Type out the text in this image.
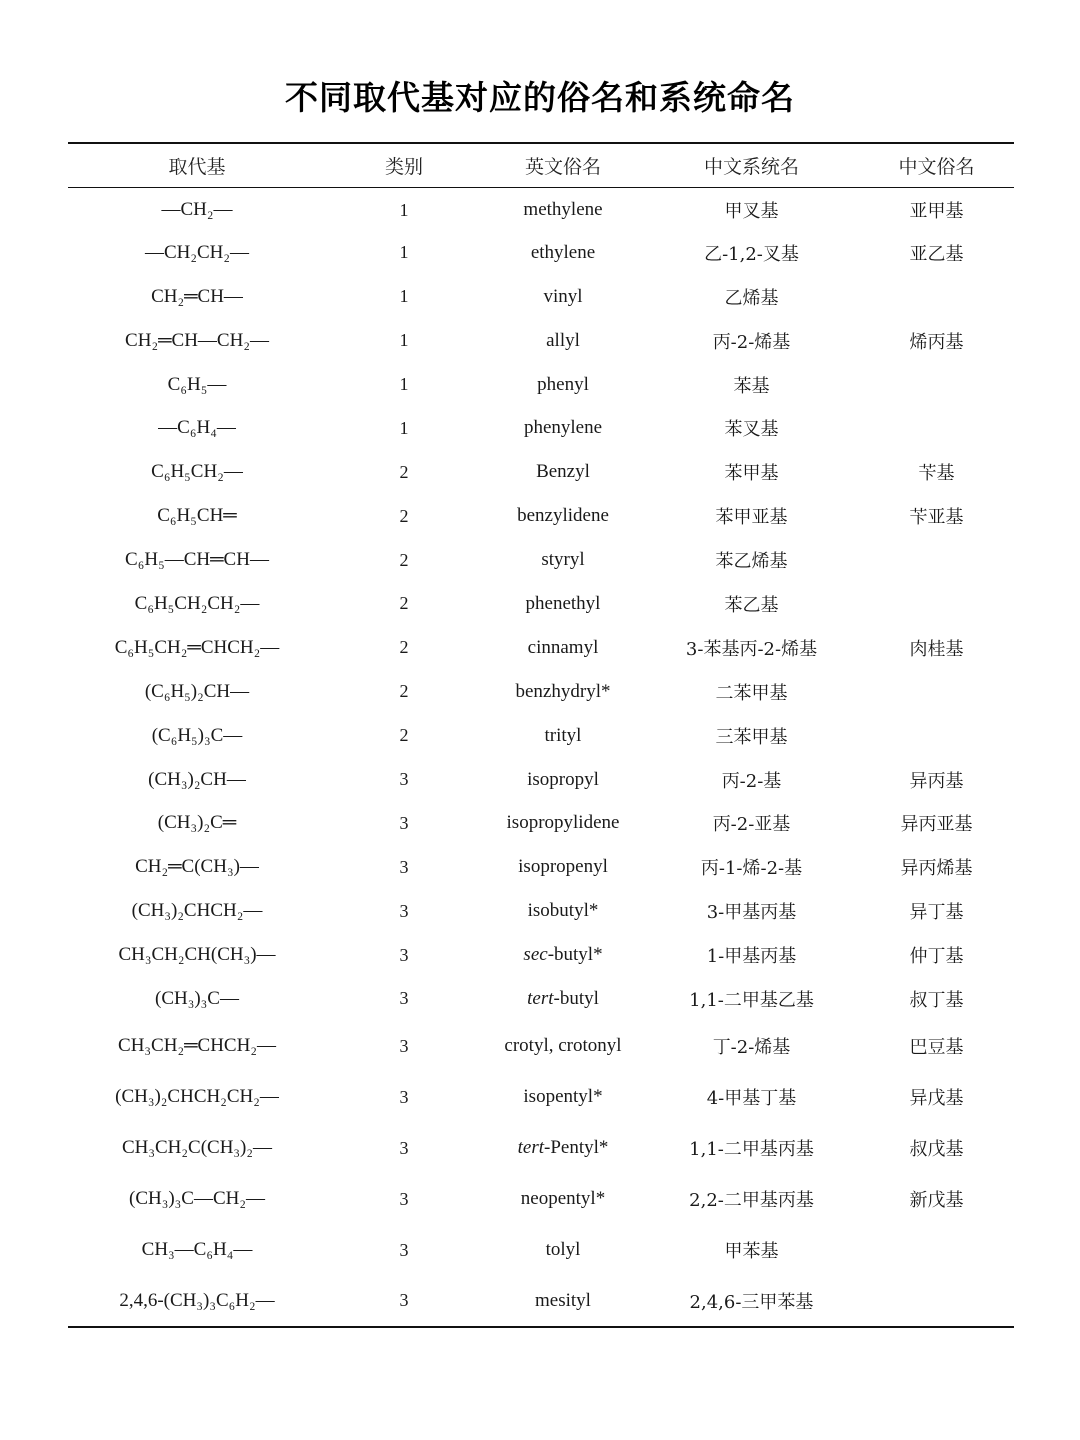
不同取代基对应的俗名和系统命名
取代基	类别	英文俗名	中文系统名	中文俗名
—CH₂—	1	methylene	甲叉基	亚甲基
—CH₂CH₂—	1	ethylene	乙-1,2-叉基	亚乙基
CH₂═CH—	1	vinyl	乙烯基	
CH₂═CH—CH₂—	1	allyl	丙-2-烯基	烯丙基
C₆H₅—	1	phenyl	苯基	
—C₆H₄—	1	phenylene	苯叉基	
C₆H₅CH₂—	2	Benzyl	苯甲基	苄基
C₆H₅CH═	2	benzylidene	苯甲亚基	苄亚基
C₆H₅—CH═CH—	2	styryl	苯乙烯基	
C₆H₅CH₂CH₂—	2	phenethyl	苯乙基	
C₆H₅CH₂═CHCH₂—	2	cinnamyl	3-苯基丙-2-烯基	肉桂基
(C₆H₅)₂CH—	2	benzhydryl*	二苯甲基	
(C₆H₅)₃C—	2	trityl	三苯甲基	
(CH₃)₂CH—	3	isopropyl	丙-2-基	异丙基
(CH₃)₂C═	3	isopropylidene	丙-2-亚基	异丙亚基
CH₂═C(CH₃)—	3	isopropenyl	丙-1-烯-2-基	异丙烯基
(CH₃)₂CHCH₂—	3	isobutyl*	3-甲基丙基	异丁基
CH₃CH₂CH(CH₃)—	3	sec-butyl*	1-甲基丙基	仲丁基
(CH₃)₃C—	3	tert-butyl	1,1-二甲基乙基	叔丁基
CH₃CH₂═CHCH₂—	3	crotyl, crotonyl	丁-2-烯基	巴豆基
(CH₃)₂CHCH₂CH₂—	3	isopentyl*	4-甲基丁基	异戊基
CH₃CH₂C(CH₃)₂—	3	tert-Pentyl*	1,1-二甲基丙基	叔戊基
(CH₃)₃C—CH₂—	3	neopentyl*	2,2-二甲基丙基	新戊基
CH₃—C₆H₄—	3	tolyl	甲苯基	
2,4,6-(CH₃)₃C₆H₂—	3	mesityl	2,4,6-三甲苯基	
